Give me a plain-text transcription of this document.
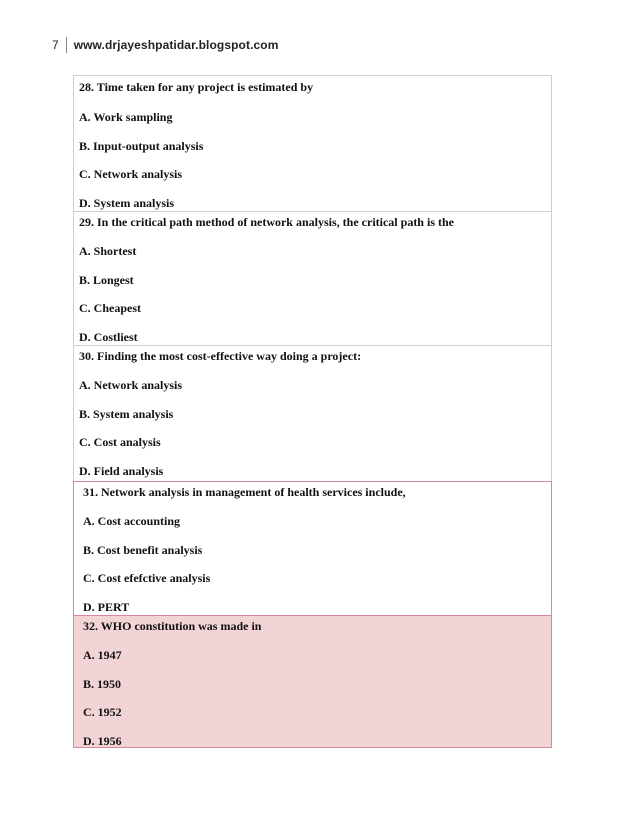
7	www.drjayeshpatidar.blogspot.com
28. Time taken for any project is estimated by
A. Work sampling
B. Input-output analysis
C. Network analysis
D. System analysis
29. In the critical path method of network analysis, the critical path is the
A. Shortest
B. Longest
C. Cheapest
D. Costliest
30. Finding the most cost-effective way doing a project:
A. Network analysis
B. System analysis
C. Cost analysis
D. Field analysis
31. Network analysis in management of health services include,
A. Cost accounting
B. Cost benefit analysis
C. Cost efefctive analysis
D. PERT
32. WHO constitution was made in
A. 1947
B. 1950
C. 1952
D. 1956
